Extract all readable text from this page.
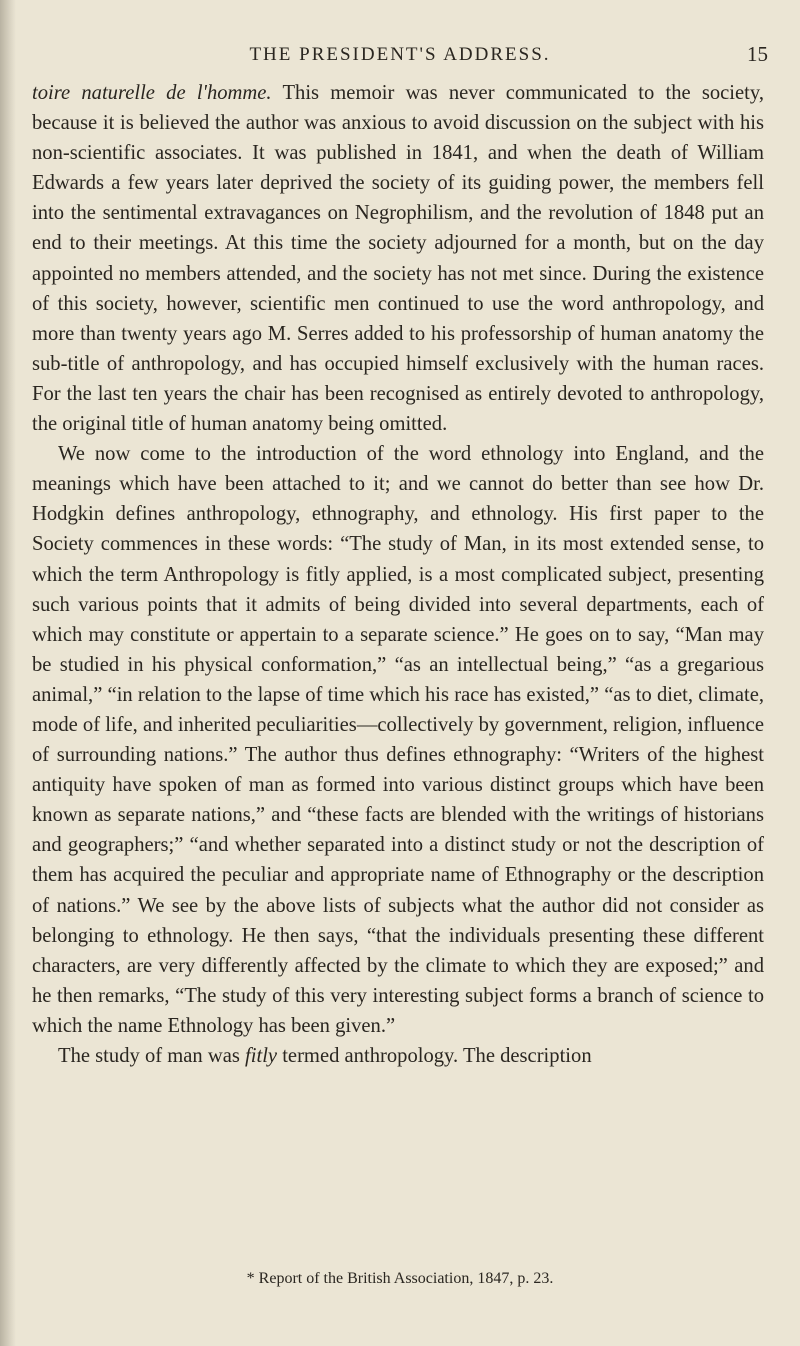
THE PRESIDENT'S ADDRESS.	15

toire naturelle de l'homme. This memoir was never communicated to the society, because it is believed the author was anxious to avoid discussion on the subject with his non-scientific associates. It was published in 1841, and when the death of William Edwards a few years later deprived the society of its guiding power, the members fell into the sentimental extravagances on Negrophilism, and the revolution of 1848 put an end to their meetings. At this time the society adjourned for a month, but on the day appointed no members attended, and the society has not met since. During the existence of this society, however, scientific men continued to use the word anthropology, and more than twenty years ago M. Serres added to his professorship of human anatomy the sub-title of anthropology, and has occupied himself exclusively with the human races. For the last ten years the chair has been recognised as entirely devoted to anthropology, the original title of human anatomy being omitted.

We now come to the introduction of the word ethnology into England, and the meanings which have been attached to it; and we cannot do better than see how Dr. Hodgkin defines anthropology, ethnography, and ethnology. His first paper to the Society commences in these words: “The study of Man, in its most extended sense, to which the term Anthropology is fitly applied, is a most complicated subject, presenting such various points that it admits of being divided into several departments, each of which may constitute or appertain to a separate science.” He goes on to say, “Man may be studied in his physical conformation,” “as an intellectual being,” “as a gregarious animal,” “in relation to the lapse of time which his race has existed,” “as to diet, climate, mode of life, and inherited peculiarities—collectively by government, religion, influence of surrounding nations.” The author thus defines ethnography: “Writers of the highest antiquity have spoken of man as formed into various distinct groups which have been known as separate nations,” and “these facts are blended with the writings of historians and geographers;” “and whether separated into a distinct study or not the description of them has acquired the peculiar and appropriate name of Ethnography or the description of nations.” We see by the above lists of subjects what the author did not consider as belonging to ethnology. He then says, “that the individuals presenting these different characters, are very differently affected by the climate to which they are exposed;” and he then remarks, “The study of this very interesting subject forms a branch of science to which the name Ethnology has been given.”

The study of man was fitly termed anthropology. The description

* Report of the British Association, 1847, p. 23.
